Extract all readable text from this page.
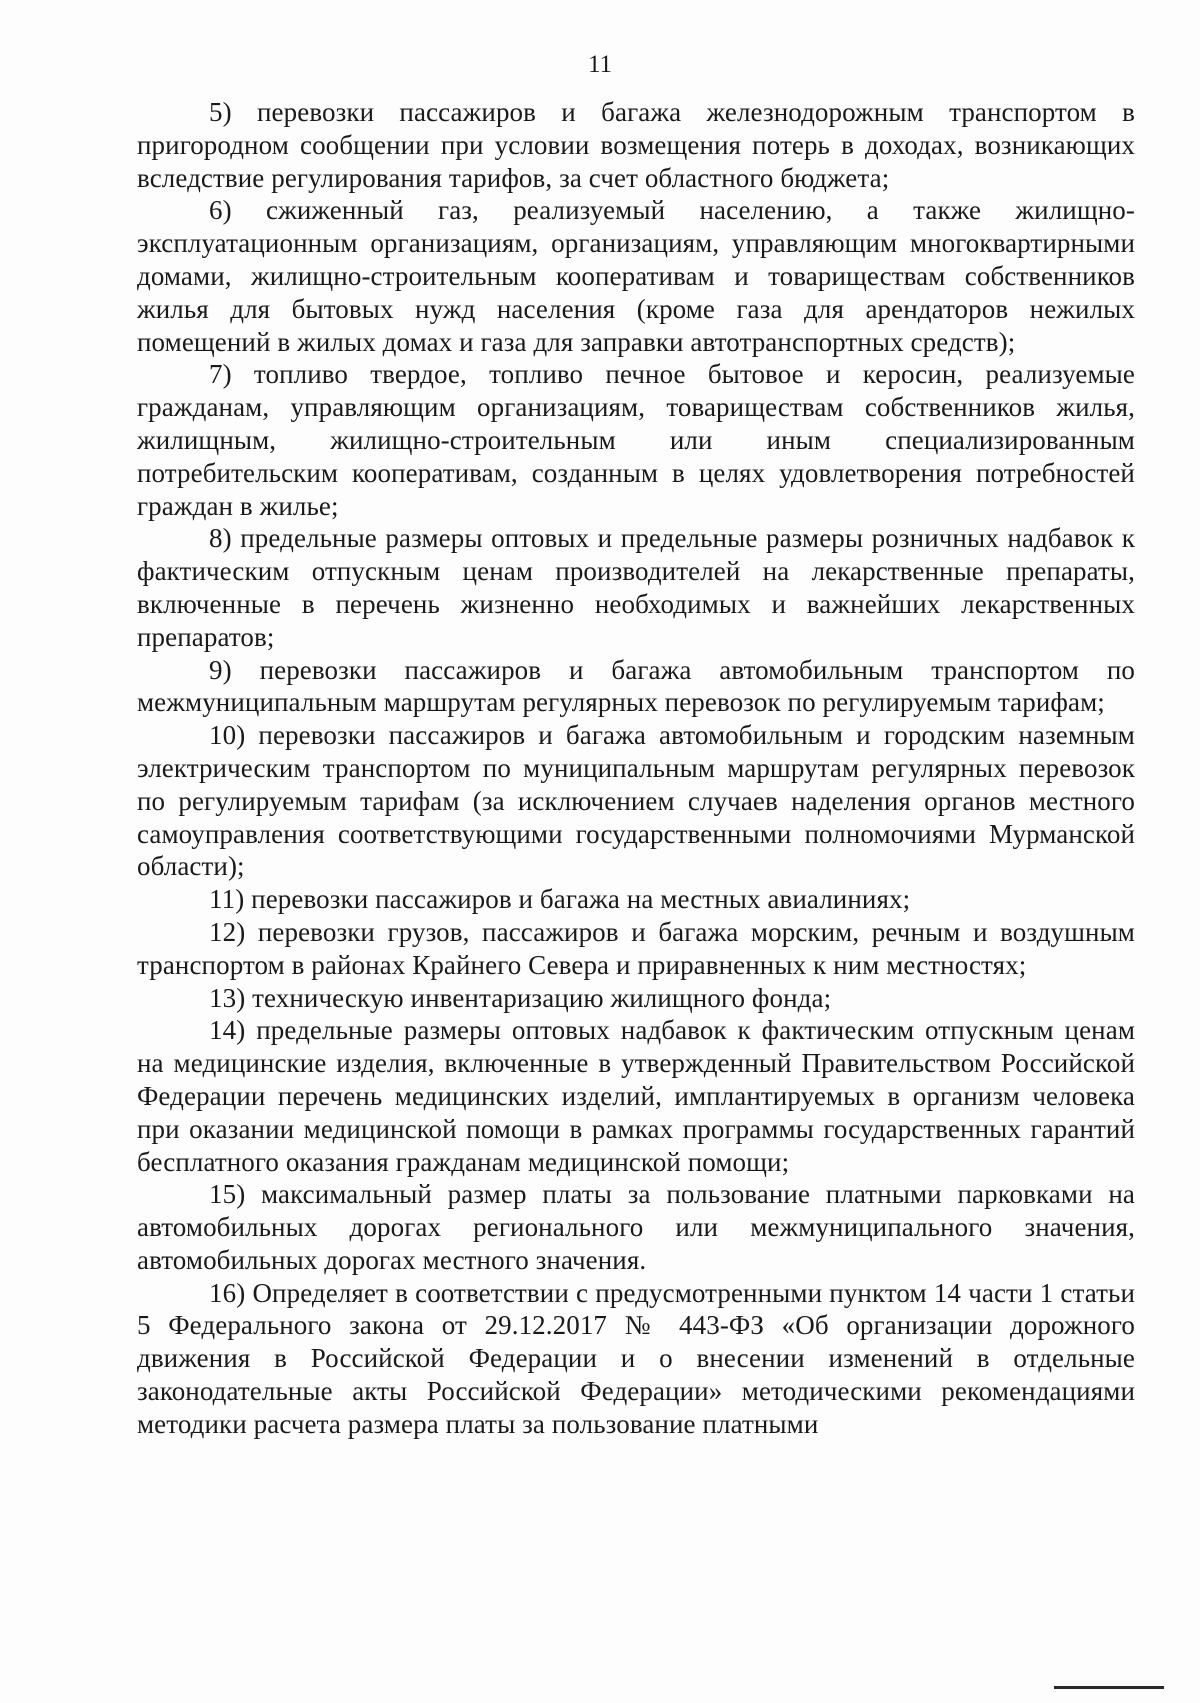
11

5) перевозки пассажиров и багажа железнодорожным транспортом в пригородном сообщении при условии возмещения потерь в доходах, возникающих вследствие регулирования тарифов, за счет областного бюджета;

6) сжиженный газ, реализуемый населению, а также жилищно-эксплуатационным организациям, организациям, управляющим многоквартирными домами, жилищно-строительным кооперативам и товариществам собственников жилья для бытовых нужд населения (кроме газа для арендаторов нежилых помещений в жилых домах и газа для заправки автотранспортных средств);

7) топливо твердое, топливо печное бытовое и керосин, реализуемые гражданам, управляющим организациям, товариществам собственников жилья, жилищным, жилищно-строительным или иным специализированным потребительским кооперативам, созданным в целях удовлетворения потребностей граждан в жилье;

8) предельные размеры оптовых и предельные размеры розничных надбавок к фактическим отпускным ценам производителей на лекарственные препараты, включенные в перечень жизненно необходимых и важнейших лекарственных препаратов;

9) перевозки пассажиров и багажа автомобильным транспортом по межмуниципальным маршрутам регулярных перевозок по регулируемым тарифам;

10) перевозки пассажиров и багажа автомобильным и городским наземным электрическим транспортом по муниципальным маршрутам регулярных перевозок по регулируемым тарифам (за исключением случаев наделения органов местного самоуправления соответствующими государственными полномочиями Мурманской области);

11) перевозки пассажиров и багажа на местных авиалиниях;

12) перевозки грузов, пассажиров и багажа морским, речным и воздушным транспортом в районах Крайнего Севера и приравненных к ним местностях;

13) техническую инвентаризацию жилищного фонда;

14) предельные размеры оптовых надбавок к фактическим отпускным ценам на медицинские изделия, включенные в утвержденный Правительством Российской Федерации перечень медицинских изделий, имплантируемых в организм человека при оказании медицинской помощи в рамках программы государственных гарантий бесплатного оказания гражданам медицинской помощи;

15) максимальный размер платы за пользование платными парковками на автомобильных дорогах регионального или межмуниципального значения, автомобильных дорогах местного значения.

16) Определяет в соответствии с предусмотренными пунктом 14 части 1 статьи 5 Федерального закона от 29.12.2017 № 443-ФЗ «Об организации дорожного движения в Российской Федерации и о внесении изменений в отдельные законодательные акты Российской Федерации» методическими рекомендациями методики расчета размера платы за пользование платными
